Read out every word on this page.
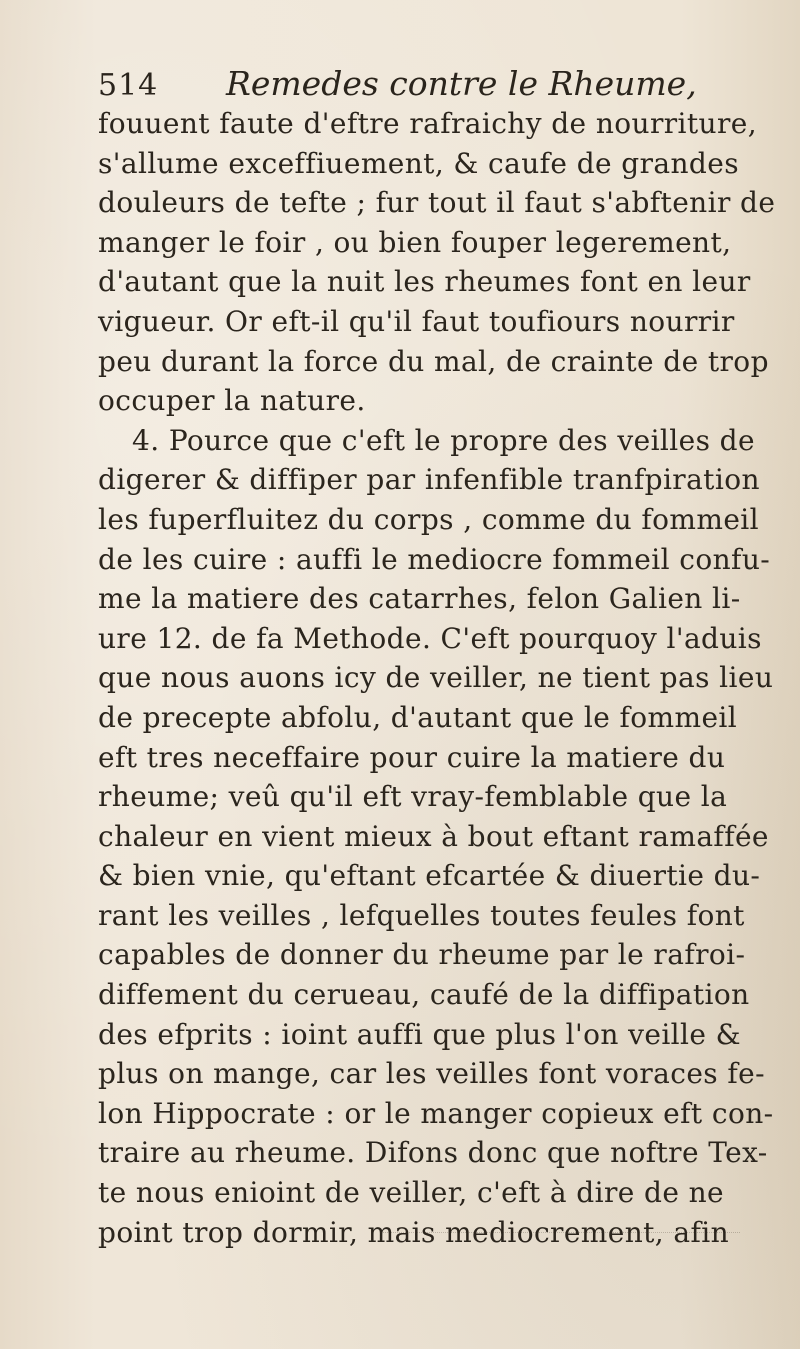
514 Remedes contre le Rheume,
fouuent faute d'eftre rafraichy de nourriture,
s'allume exceffiuement, & caufe de grandes
douleurs de tefte ; fur tout il faut s'abftenir de
manger le foir , ou bien fouper legerement,
d'autant que la nuit les rheumes font en leur
vigueur. Or eft-il qu'il faut toufiours nourrir
peu durant la force du mal, de crainte de trop
occuper la nature.
4. Pource que c'eft le propre des veilles de
digerer & diffiper par infenfible tranfpiration
les fuperfluitez du corps , comme du fommeil
de les cuire : auffi le mediocre fommeil confu-
me la matiere des catarrhes, felon Galien li-
ure 12. de fa Methode. C'eft pourquoy l'aduis
que nous auons icy de veiller, ne tient pas lieu
de precepte abfolu, d'autant que le fommeil
eft tres neceffaire pour cuire la matiere du
rheume; veû qu'il eft vray-femblable que la
chaleur en vient mieux à bout eftant ramaffée
& bien vnie, qu'eftant efcartée & diuertie du-
rant les veilles , lefquelles toutes feules font
capables de donner du rheume par le rafroi-
diffement du cerueau, caufé de la diffipation
des efprits : ioint auffi que plus l'on veille &
plus on mange, car les veilles font voraces fe-
lon Hippocrate : or le manger copieux eft con-
traire au rheume. Difons donc que noftre Tex-
te nous enioint de veiller, c'eft à dire de ne
point trop dormir, mais mediocrement, afin
